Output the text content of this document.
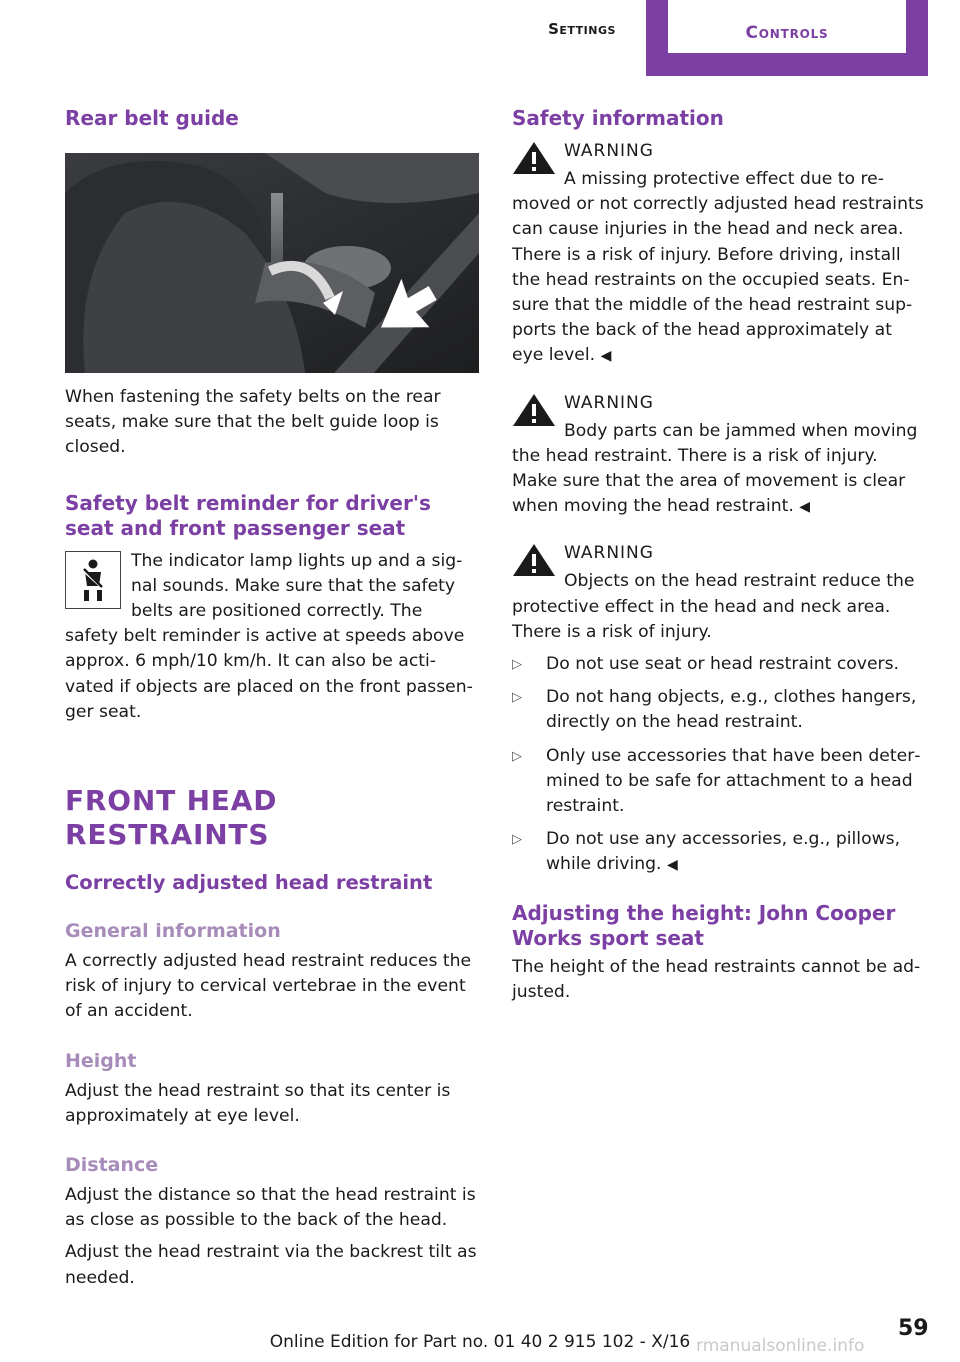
Settings	Controls
Rear belt guide

When fastening the safety belts on the rear seats, make sure that the belt guide loop is closed.

Safety belt reminder for driver's seat and front passenger seat

The indicator lamp lights up and a sig‐nal sounds. Make sure that the safety belts are positioned correctly. The safety belt reminder is active at speeds above approx. 6 mph/10 km/h. It can also be acti‐vated if objects are placed on the front passen‐ger seat.

FRONT HEAD RESTRAINTS
Correctly adjusted head restraint
General information

A correctly adjusted head restraint reduces the risk of injury to cervical vertebrae in the event of an accident.

Height

Adjust the head restraint so that its center is approximately at eye level.

Distance

Adjust the distance so that the head restraint is as close as possible to the back of the head.

Adjust the head restraint via the backrest tilt as needed.

Safety information
WARNING

A missing protective effect due to re‐moved or not correctly adjusted head restraints can cause injuries in the head and neck area. There is a risk of injury. Before driving, install the head restraints on the occupied seats. En‐sure that the middle of the head restraint sup‐ports the back of the head approximately at eye level. ◀

WARNING

Body parts can be jammed when moving the head restraint. There is a risk of injury. Make sure that the area of movement is clear when moving the head restraint. ◀

WARNING

Objects on the head restraint reduce the protective effect in the head and neck area. There is a risk of injury.

▷ Do not use seat or head restraint covers.
▷ Do not hang objects, e.g., clothes hangers, directly on the head restraint.
▷ Only use accessories that have been deter‐mined to be safe for attachment to a head restraint.
▷ Do not use any accessories, e.g., pillows, while driving. ◀
Adjusting the height: John Cooper Works sport seat

The height of the head restraints cannot be ad‐justed.

59
Online Edition for Part no. 01 40 2 915 102 - X/16 rmanualsonline.info
